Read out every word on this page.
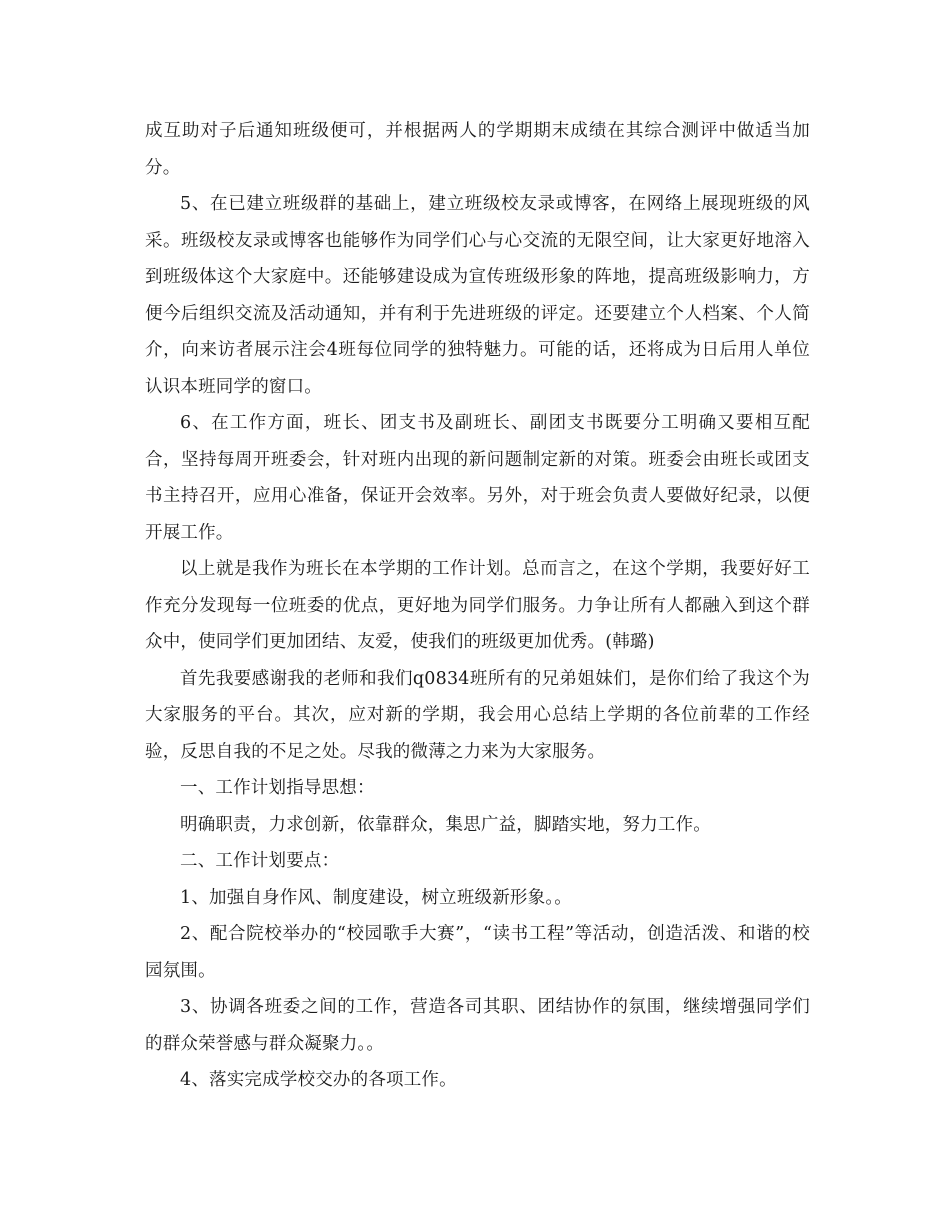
成互助对子后通知班级便可，并根据两人的学期期末成绩在其综合测评中做适当加分。

5、在已建立班级群的基础上，建立班级校友录或博客，在网络上展现班级的风采。班级校友录或博客也能够作为同学们心与心交流的无限空间，让大家更好地溶入到班级体这个大家庭中。还能够建设成为宣传班级形象的阵地，提高班级影响力，方便今后组织交流及活动通知，并有利于先进班级的评定。还要建立个人档案、个人简介，向来访者展示注会4班每位同学的独特魅力。可能的话，还将成为日后用人单位认识本班同学的窗口。

6、在工作方面，班长、团支书及副班长、副团支书既要分工明确又要相互配合，坚持每周开班委会，针对班内出现的新问题制定新的对策。班委会由班长或团支书主持召开，应用心准备，保证开会效率。另外，对于班会负责人要做好纪录，以便开展工作。

以上就是我作为班长在本学期的工作计划。总而言之，在这个学期，我要好好工作充分发现每一位班委的优点，更好地为同学们服务。力争让所有人都融入到这个群众中，使同学们更加团结、友爱，使我们的班级更加优秀。(韩璐)

首先我要感谢我的老师和我们q0834班所有的兄弟姐妹们，是你们给了我这个为大家服务的平台。其次，应对新的学期，我会用心总结上学期的各位前辈的工作经验，反思自我的不足之处。尽我的微薄之力来为大家服务。

一、工作计划指导思想：

明确职责，力求创新，依靠群众，集思广益，脚踏实地，努力工作。

二、工作计划要点：

1、加强自身作风、制度建设，树立班级新形象。。

2、配合院校举办的“校园歌手大赛”，“读书工程”等活动，创造活泼、和谐的校园氛围。

3、协调各班委之间的工作，营造各司其职、团结协作的氛围，继续增强同学们的群众荣誉感与群众凝聚力。。

4、落实完成学校交办的各项工作。
